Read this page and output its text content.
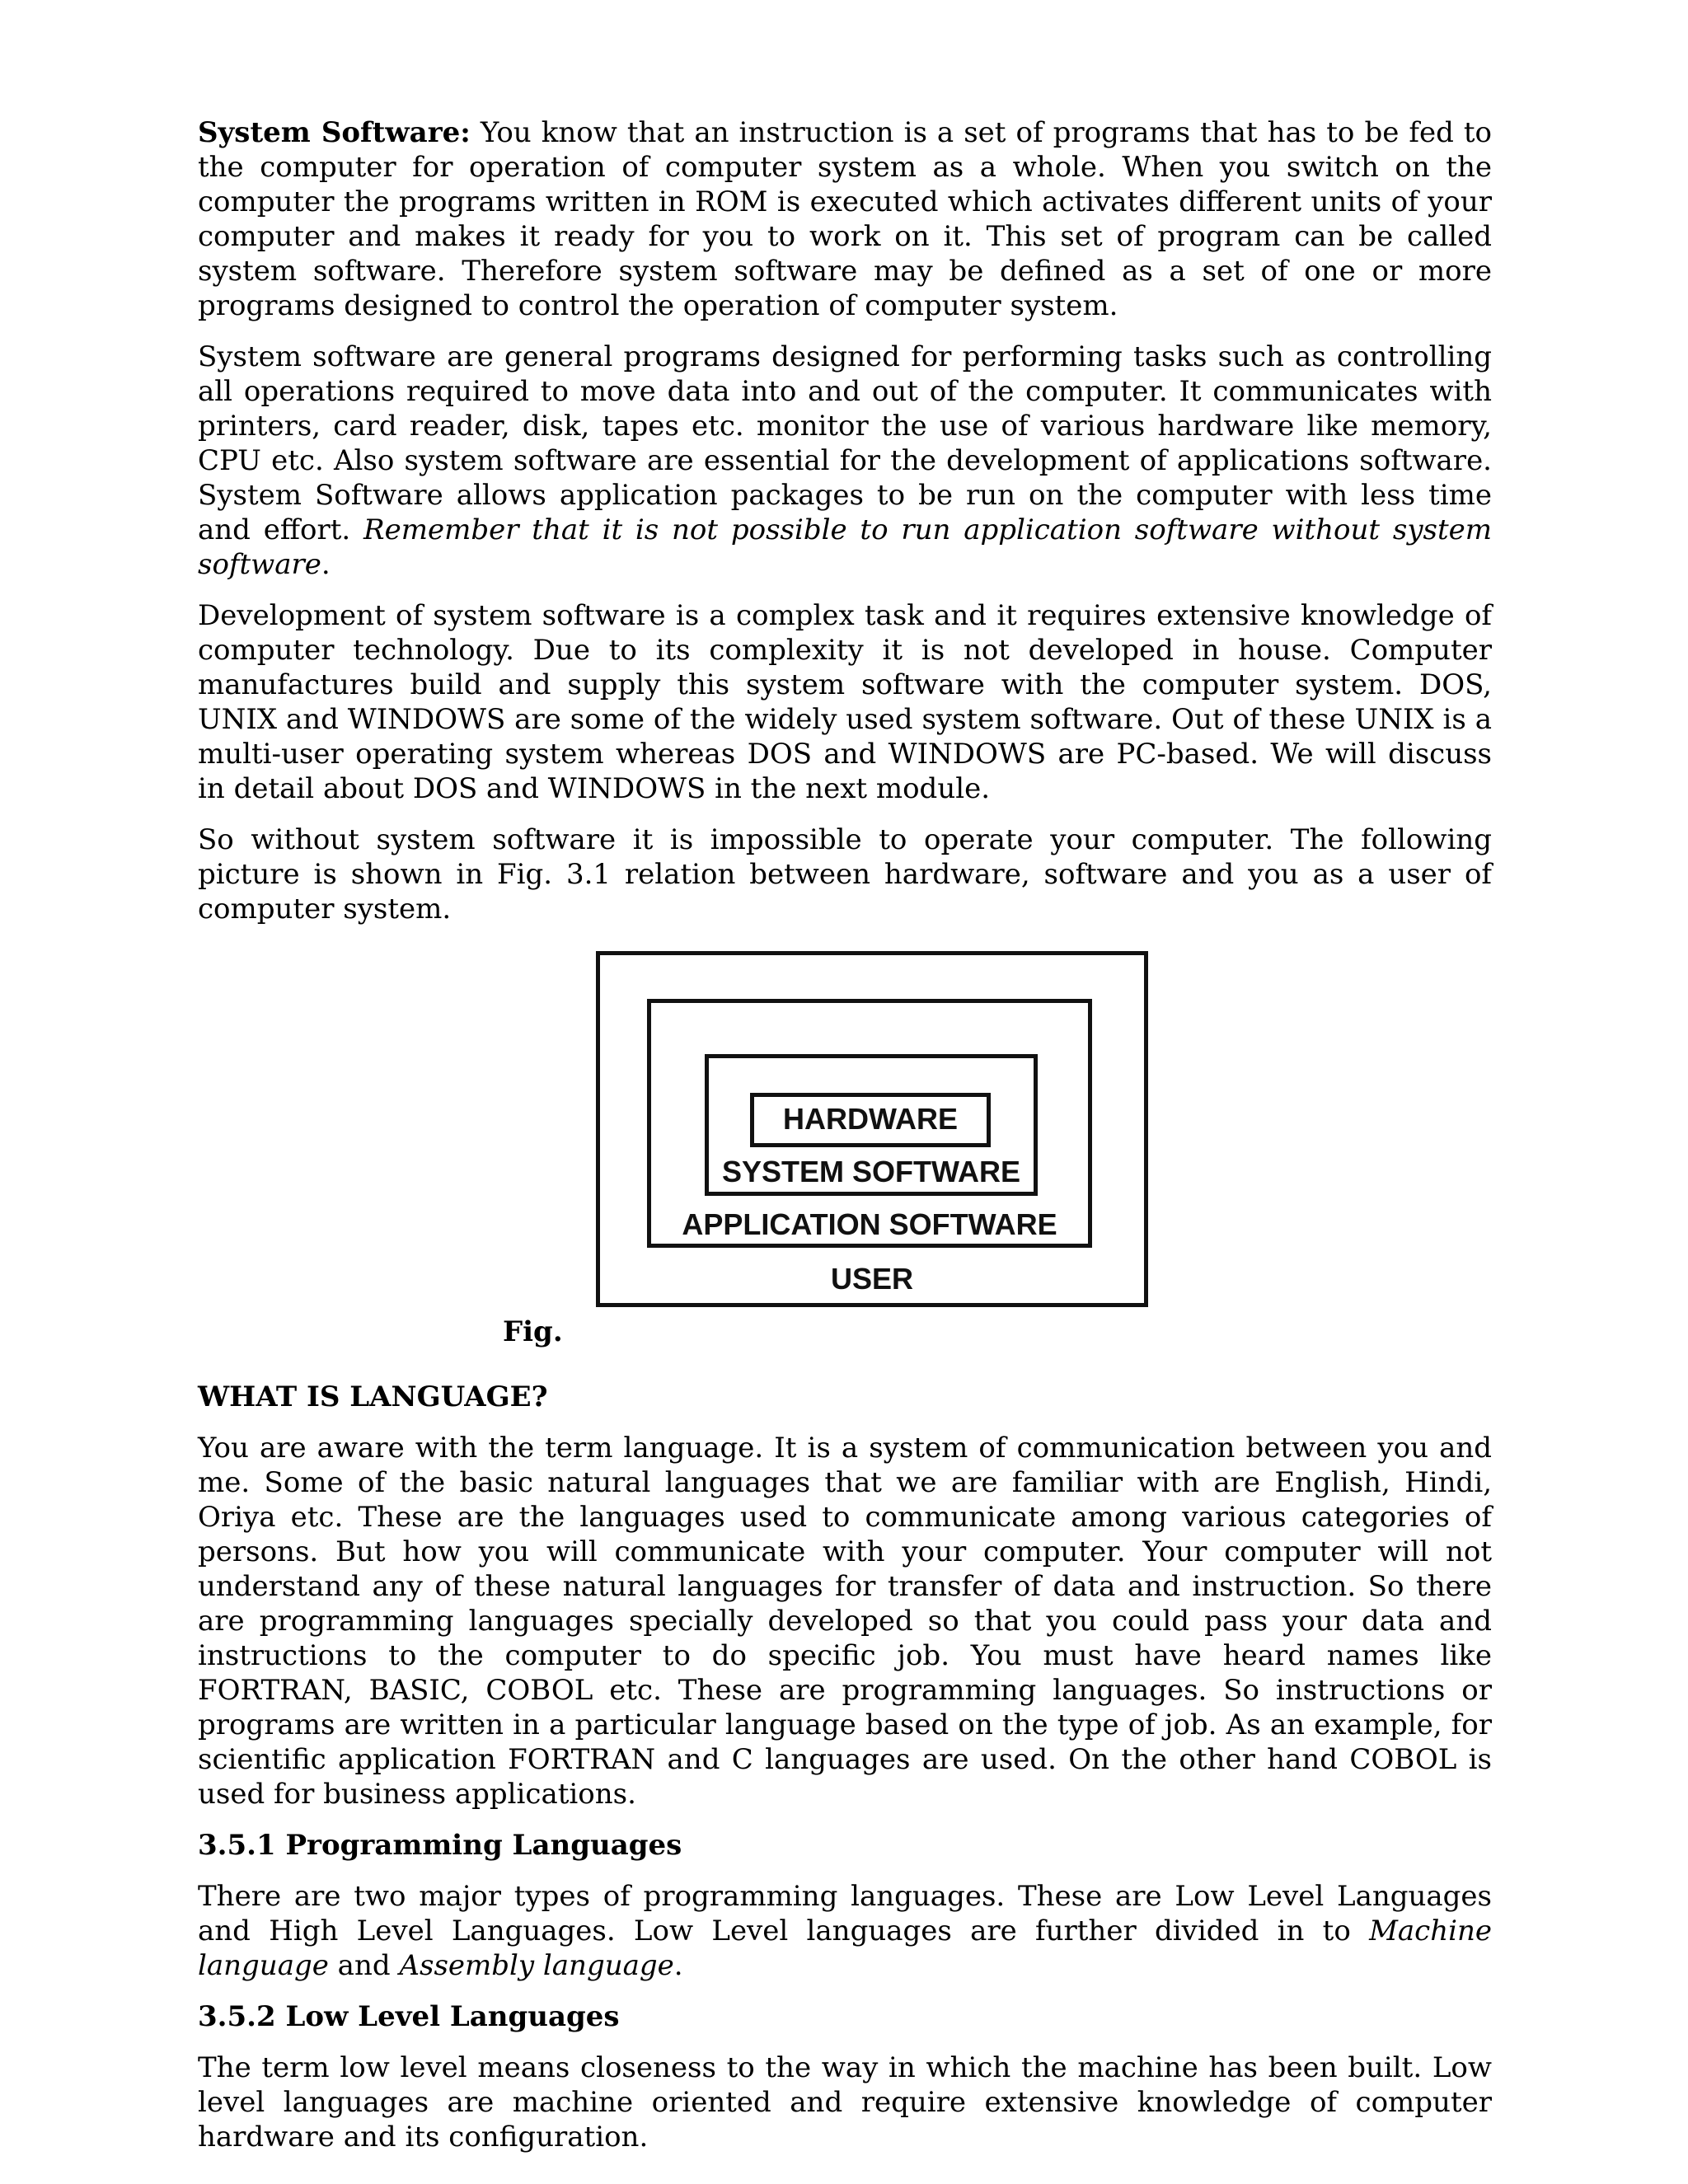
System Software: You know that an instruction is a set of programs that has to be fed to the computer for operation of computer system as a whole. When you switch on the computer the programs written in ROM is executed which activates different units of your computer and makes it ready for you to work on it. This set of program can be called system software. Therefore system software may be defined as a set of one or more programs designed to control the operation of computer system.

System software are general programs designed for performing tasks such as controlling all operations required to move data into and out of the computer. It communicates with printers, card reader, disk, tapes etc. monitor the use of various hardware like memory, CPU etc. Also system software are essential for the development of applications software. System Software allows application packages to be run on the computer with less time and effort. Remember that it is not possible to run application software without system software.

Development of system software is a complex task and it requires extensive knowledge of computer technology. Due to its complexity it is not developed in house. Computer manufactures build and supply this system software with the computer system. DOS, UNIX and WINDOWS are some of the widely used system software. Out of these UNIX is a multi-user operating system whereas DOS and WINDOWS are PC-based. We will discuss in detail about DOS and WINDOWS in the next module.

So without system software it is impossible to operate your computer. The following picture is shown in Fig. 3.1 relation between hardware, software and you as a user of computer system.

HARDWARE
SYSTEM SOFTWARE
APPLICATION SOFTWARE
USER
Fig.
WHAT IS LANGUAGE?

You are aware with the term language. It is a system of communication between you and me. Some of the basic natural languages that we are familiar with are English, Hindi, Oriya etc. These are the languages used to communicate among various categories of persons. But how you will communicate with your computer. Your computer will not understand any of these natural languages for transfer of data and instruction. So there are programming languages specially developed so that you could pass your data and instructions to the computer to do specific job. You must have heard names like FORTRAN, BASIC, COBOL etc. These are programming languages. So instructions or programs are written in a particular language based on the type of job. As an example, for scientific application FORTRAN and C languages are used. On the other hand COBOL is used for business applications.

3.5.1 Programming Languages

There are two major types of programming languages. These are Low Level Languages and High Level Languages. Low Level languages are further divided in to Machine language and Assembly language.

3.5.2 Low Level Languages

The term low level means closeness to the way in which the machine has been built. Low level languages are machine oriented and require extensive knowledge of computer hardware and its configuration.
